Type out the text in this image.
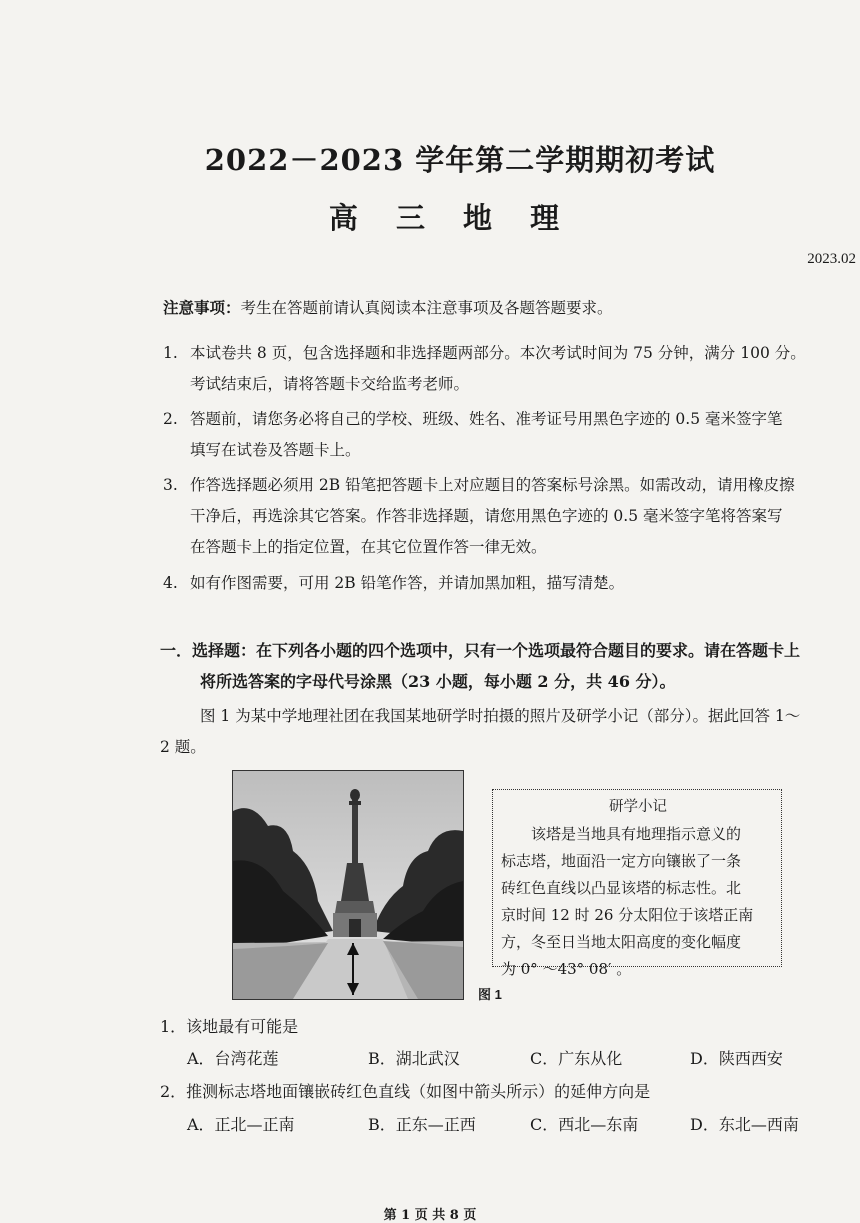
2022－2023 学年第二学期期初考试
高 三 地 理
2023.02
注意事项：考生在答题前请认真阅读本注意事项及各题答题要求。
1. 本试卷共 8 页，包含选择题和非选择题两部分。本次考试时间为 75 分钟，满分 100 分。
考试结束后，请将答题卡交给监考老师。
2. 答题前，请您务必将自己的学校、班级、姓名、准考证号用黑色字迹的 0.5 毫米签字笔
填写在试卷及答题卡上。
3. 作答选择题必须用 2B 铅笔把答题卡上对应题目的答案标号涂黑。如需改动，请用橡皮擦
干净后，再选涂其它答案。作答非选择题，请您用黑色字迹的 0.5 毫米签字笔将答案写
在答题卡上的指定位置，在其它位置作答一律无效。
4. 如有作图需要，可用 2B 铅笔作答，并请加黑加粗，描写清楚。
一．选择题：在下列各小题的四个选项中，只有一个选项最符合题目的要求。请在答题卡上
将所选答案的字母代号涂黑（23 小题，每小题 2 分，共 46 分）。
图 1 为某中学地理社团在我国某地研学时拍摄的照片及研学小记（部分）。据此回答 1～
2 题。
研学小记
该塔是当地具有地理指示意义的
标志塔，地面沿一定方向镶嵌了一条
砖红色直线以凸显该塔的标志性。北
京时间 12 时 26 分太阳位于该塔正南
方，冬至日当地太阳高度的变化幅度
为 0° ～43° 08′ 。
图 1
1．该地最有可能是
A．台湾花莲	B．湖北武汉	C．广东从化	D．陕西西安
2．推测标志塔地面镶嵌砖红色直线（如图中箭头所示）的延伸方向是
A．正北—正南	B．正东—正西	C．西北—东南	D．东北—西南
第 1 页 共 8 页
